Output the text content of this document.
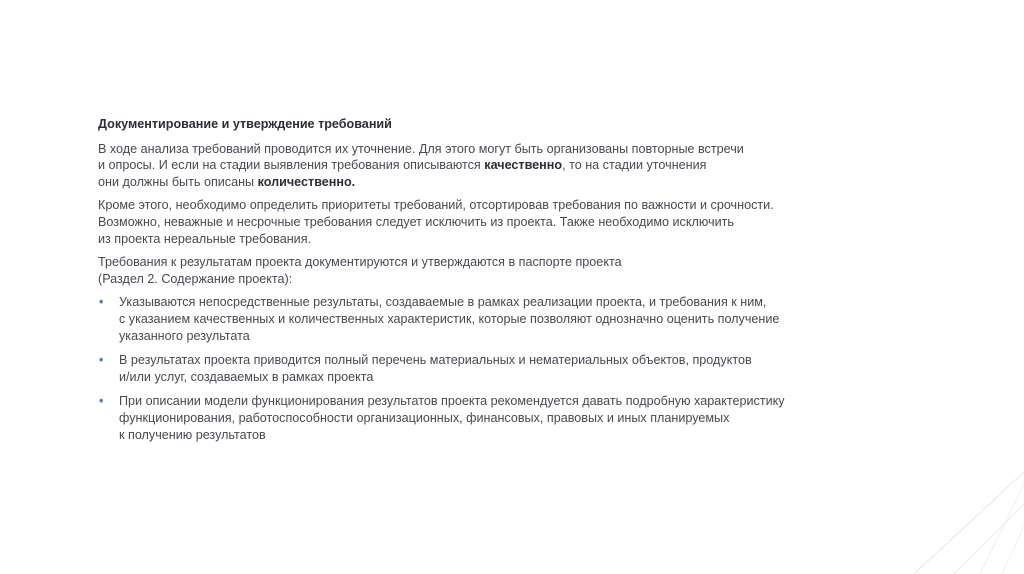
Документирование и утверждение требований
В ходе анализа требований проводится их уточнение. Для этого могут быть организованы повторные встречи
и опросы. И если на стадии выявления требования описываются качественно, то на стадии уточнения
они должны быть описаны количественно.
Кроме этого, необходимо определить приоритеты требований, отсортировав требования по важности и срочности.
Возможно, неважные и несрочные требования следует исключить из проекта. Также необходимо исключить
из проекта нереальные требования.
Требования к результатам проекта документируются и утверждаются в паспорте проекта
(Раздел 2. Содержание проекта):
• Указываются непосредственные результаты, создаваемые в рамках реализации проекта, и требования к ним,
с указанием качественных и количественных характеристик, которые позволяют однозначно оценить получение
указанного результата
• В результатах проекта приводится полный перечень материальных и нематериальных объектов, продуктов
и/или услуг, создаваемых в рамках проекта
• При описании модели функционирования результатов проекта рекомендуется давать подробную характеристику
функционирования, работоспособности организационных, финансовых, правовых и иных планируемых
к получению результатов
